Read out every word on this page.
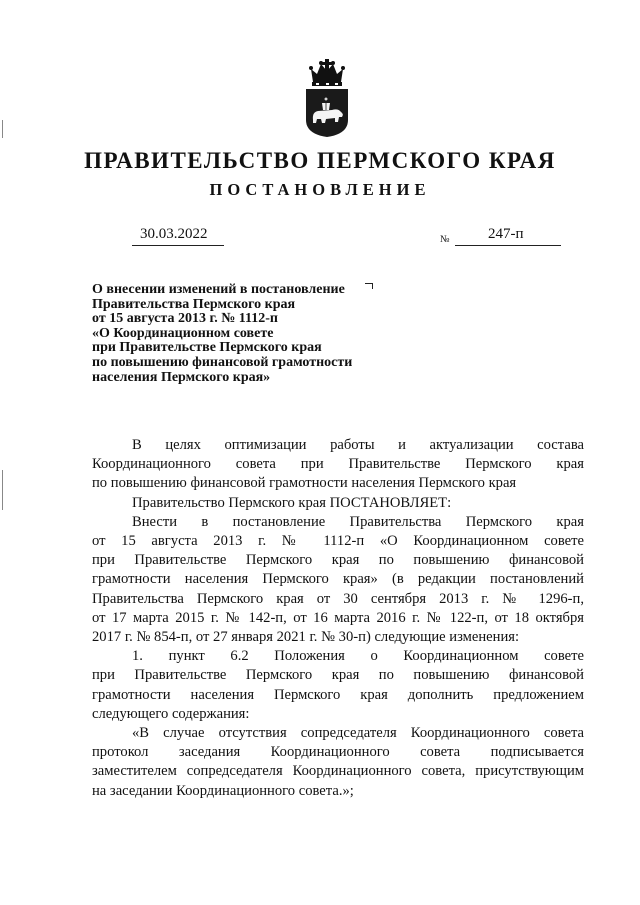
ПРАВИТЕЛЬСТВО ПЕРМСКОГО КРАЯ
ПОСТАНОВЛЕНИЕ
30.03.2022	№	247-п
О внесении изменений в постановление
Правительства Пермского края
от 15 августа 2013 г. № 1112-п
«О Координационном совете
при Правительстве Пермского края
по повышению финансовой грамотности
населения Пермского края»

В целях оптимизации работы и актуализации состава

Координационного совета при Правительстве Пермского края

по повышению финансовой грамотности населения Пермского края

Правительство Пермского края ПОСТАНОВЛЯЕТ:

Внести в постановление Правительства Пермского края

от 15 августа 2013 г. № 1112-п «О Координационном совете

при Правительстве Пермского края по повышению финансовой

грамотности населения Пермского края» (в редакции постановлений

Правительства Пермского края от 30 сентября 2013 г. № 1296-п,

от 17 марта 2015 г. № 142-п, от 16 марта 2016 г. № 122-п, от 18 октября

2017 г. № 854-п, от 27 января 2021 г. № 30-п) следующие изменения:

1. пункт 6.2 Положения о Координационном совете

при Правительстве Пермского края по повышению финансовой

грамотности населения Пермского края дополнить предложением

следующего содержания:

«В случае отсутствия сопредседателя Координационного совета

протокол заседания Координационного совета подписывается

заместителем сопредседателя Координационного совета, присутствующим

на заседании Координационного совета.»;
